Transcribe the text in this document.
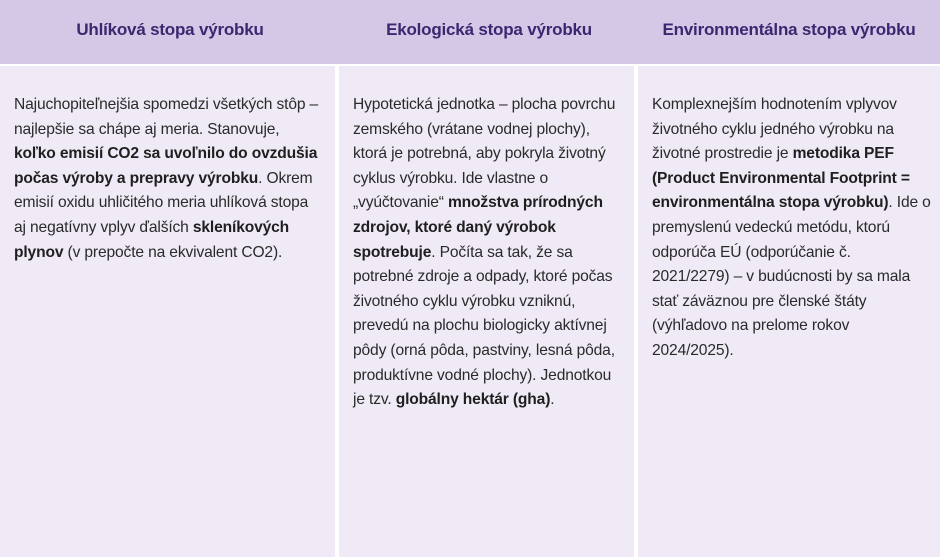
Uhlíková stopa výrobku	Ekologická stopa výrobku	Environmentálna stopa výrobku

Najuchopiteľnejšia spomedzi všetkých stôp – najlepšie sa chápe aj meria. Stanovuje, koľko emisií CO2 sa uvoľnilo do ovzdušia počas výroby a prepravy výrobku. Okrem emisií oxidu uhličitého meria uhlíková stopa aj negatívny vplyv ďalších skleníkových plynov (v prepočte na ekvivalent CO2).

Hypotetická jednotka – plocha povrchu zemského (vrátane vodnej plochy), ktorá je potrebná, aby pokryla životný cyklus výrobku. Ide vlastne o „vyúčtovanie“ množstva prírodných zdrojov, ktoré daný výrobok spotrebuje. Počíta sa tak, že sa potrebné zdroje a odpady, ktoré počas životného cyklu výrobku vzniknú, prevedú na plochu biologicky aktívnej pôdy (orná pôda, pastviny, lesná pôda, produktívne vodné plochy). Jednotkou je tzv. globálny hektár (gha).

Komplexnejším hodnotením vplyvov životného cyklu jedného výrobku na životné prostredie je metodika PEF (Product Environmental Footprint = environmentálna stopa výrobku). Ide o premyslenú vedeckú metódu, ktorú odporúča EÚ (odporúčanie č. 2021/2279) – v budúcnosti by sa mala stať záväznou pre členské štáty (výhľadovo na prelome rokov 2024/2025).
